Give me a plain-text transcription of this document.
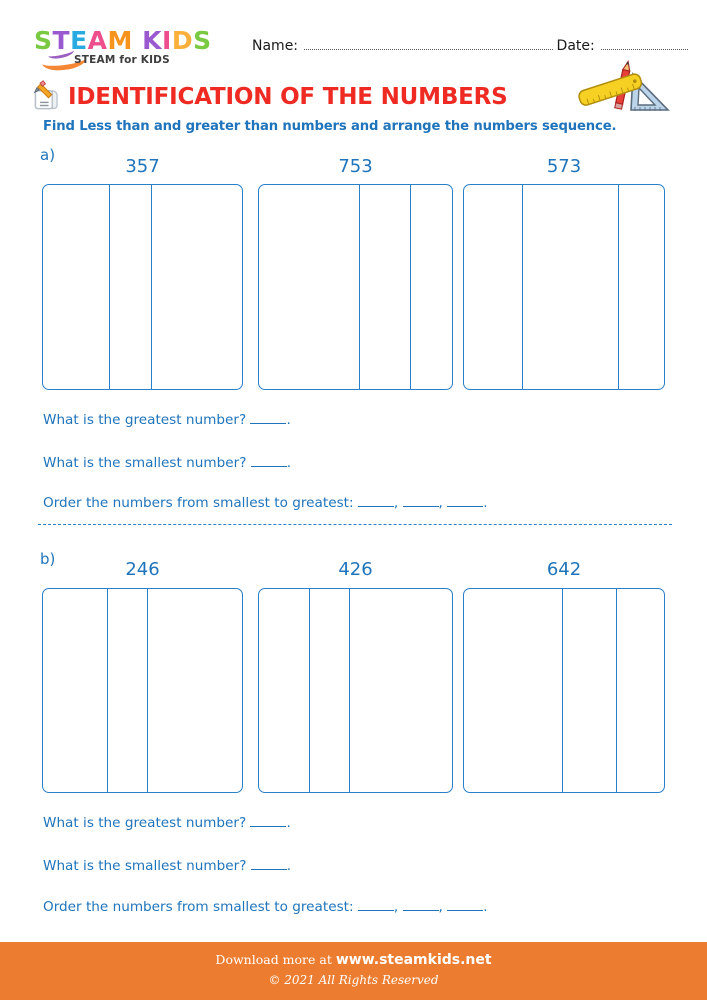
STEAM KIDS
STEAM for KIDS
Name:	Date:
IDENTIFICATION OF THE NUMBERS
Find Less than and greater than numbers and arrange the numbers sequence.
a)
357	753	573
What is the greatest number?	.
What is the smallest number?	.
Order the numbers from smallest to greatest:	,	,	.
b)	246	426	642
What is the greatest number?	.
What is the smallest number?	.
Order the numbers from smallest to greatest:	,	,	.
Download more at www.steamkids.net
© 2021 All Rights Reserved
